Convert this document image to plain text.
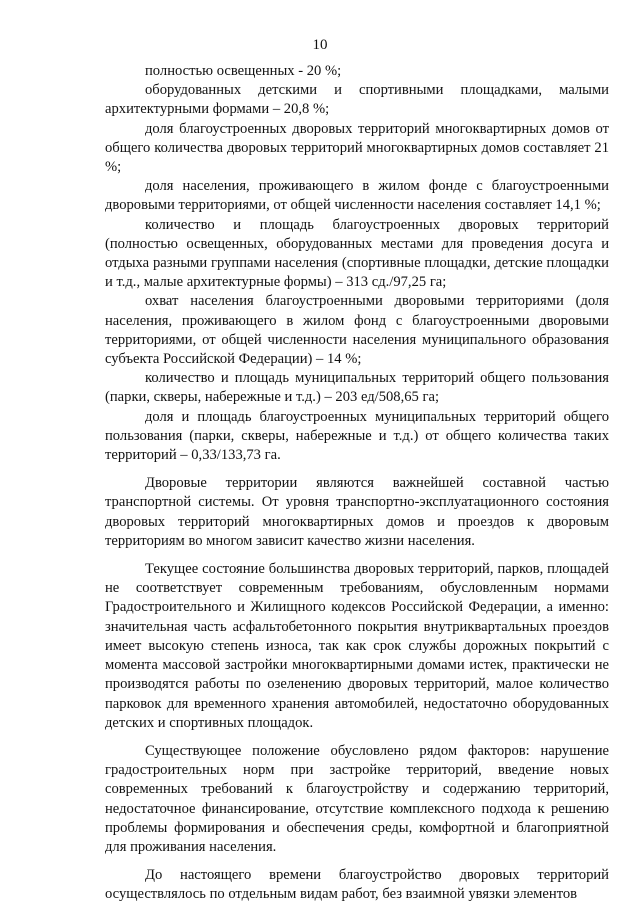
10

полностью освещенных - 20 %;

оборудованных детскими и спортивными площадками, малыми архитектурными формами – 20,8 %;

доля благоустроенных дворовых территорий многоквартирных домов от общего количества дворовых территорий многоквартирных домов составляет 21 %;

доля населения, проживающего в жилом фонде с благоустроенными дворовыми территориями, от общей численности населения составляет 14,1 %;

количество и площадь благоустроенных дворовых территорий (полностью освещенных, оборудованных местами для проведения досуга и отдыха разными группами населения (спортивные площадки, детские площадки и т.д., малые архитектурные формы) – 313 сд./97,25 га;

охват населения благоустроенными дворовыми территориями (доля населения, проживающего в жилом фонд с благоустроенными дворовыми территориями, от общей численности населения муниципального образования субъекта Российской Федерации) – 14 %;

количество и площадь муниципальных территорий общего пользования (парки, скверы, набережные и т.д.) – 203 ед/508,65 га;

доля и площадь благоустроенных муниципальных территорий общего пользования (парки, скверы, набережные и т.д.) от общего количества таких территорий – 0,33/133,73 га.

Дворовые территории являются важнейшей составной частью транспортной системы. От уровня транспортно-эксплуатационного состояния дворовых территорий многоквартирных домов и проездов к дворовым территориям во многом зависит качество жизни населения.

Текущее состояние большинства дворовых территорий, парков, площадей не соответствует современным требованиям, обусловленным нормами Градостроительного и Жилищного кодексов Российской Федерации, а именно: значительная часть асфальтобетонного покрытия внутриквартальных проездов имеет высокую степень износа, так как срок службы дорожных покрытий с момента массовой застройки многоквартирными домами истек, практически не производятся работы по озеленению дворовых территорий, малое количество парковок для временного хранения автомобилей, недостаточно оборудованных детских и спортивных площадок.

Существующее положение обусловлено рядом факторов: нарушение градостроительных норм при застройке территорий, введение новых современных требований к благоустройству и содержанию территорий, недостаточное финансирование, отсутствие комплексного подхода к решению проблемы формирования и обеспечения среды, комфортной и благоприятной для проживания населения.

До настоящего времени благоустройство дворовых территорий осуществлялось по отдельным видам работ, без взаимной увязки элементов
